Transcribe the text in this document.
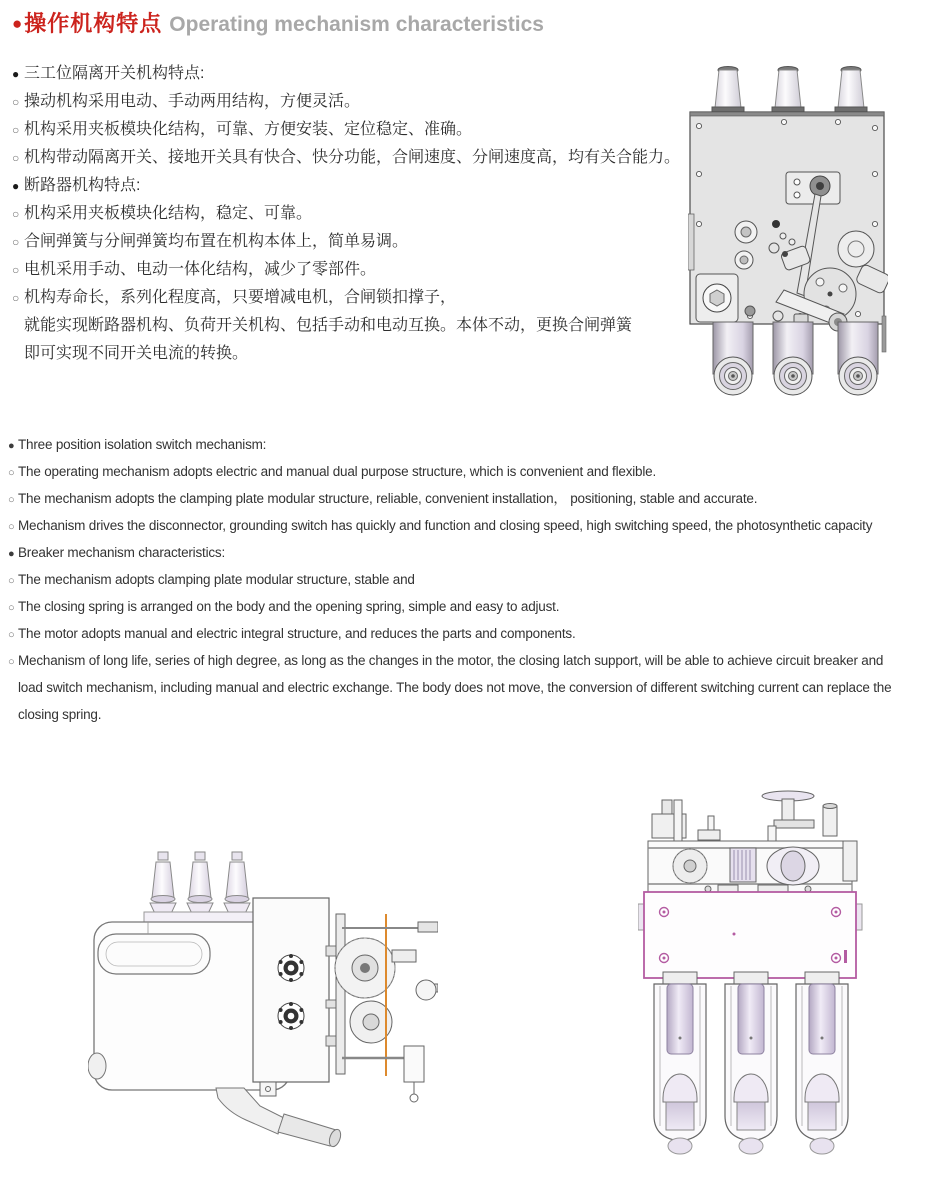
●操作机构特点 Operating mechanism characteristics
● 三工位隔离开关机构特点:
○ 操动机构采用电动、手动两用结构，方便灵活。
○ 机构采用夹板模块化结构，可靠、方便安装、定位稳定、准确。
○ 机构带动隔离开关、接地开关具有快合、快分功能，合闸速度、分闸速度高，均有关合能力。
● 断路器机构特点:
○ 机构采用夹板模块化结构，稳定、可靠。
○ 合闸弹簧与分闸弹簧均布置在机构本体上，简单易调。
○ 电机采用手动、电动一体化结构，减少了零部件。
○ 机构寿命长，系列化程度高，只要增减电机，合闸锁扣撑子，
就能实现断路器机构、负荷开关机构、包括手动和电动互换。本体不动，更换合闸弹簧
即可实现不同开关电流的转换。
● Three position isolation switch mechanism:
○ The operating mechanism adopts electric and manual dual purpose structure, which is convenient and flexible.
○ The mechanism adopts the clamping plate modular structure, reliable, convenient installation， positioning, stable and accurate.
○ Mechanism drives the disconnector, grounding switch has quickly and function and closing speed, high switching speed, the photosynthetic capacity
● Breaker mechanism characteristics:
○ The mechanism adopts clamping plate modular structure, stable and
○ The closing spring is arranged on the body and the opening spring, simple and easy to adjust.
○ The motor adopts manual and electric integral structure, and reduces the parts and components.
○ Mechanism of long life, series of high degree, as long as the changes in the motor, the closing latch support, will be able to achieve circuit breaker and
load switch mechanism, including manual and electric exchange. The body does not move, the conversion of different switching current can replace the
closing spring.
